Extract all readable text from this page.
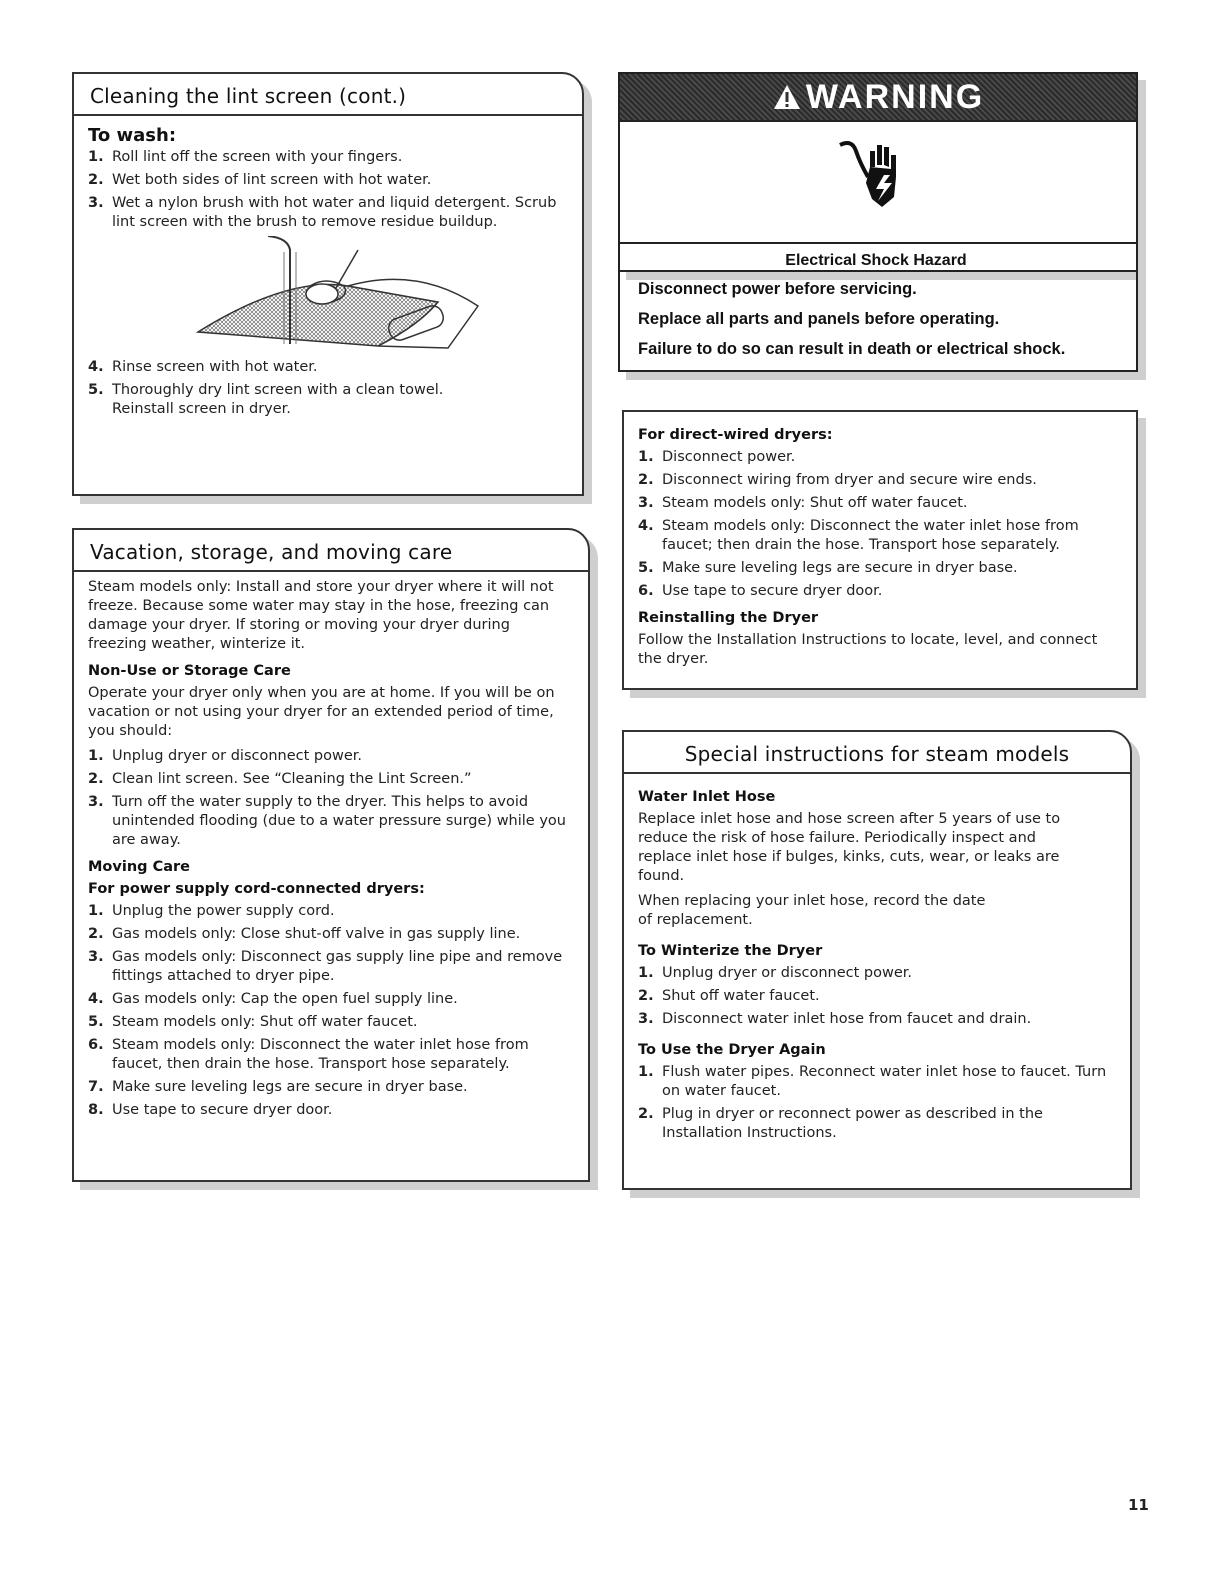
Cleaning the lint screen (cont.)
To wash:
1. Roll lint off the screen with your fingers.
2. Wet both sides of lint screen with hot water.
3. Wet a nylon brush with hot water and liquid detergent. Scrub lint screen with the brush to remove residue buildup.
4. Rinse screen with hot water.
5. Thoroughly dry lint screen with a clean towel. Reinstall screen in dryer.
Vacation, storage, and moving care
Steam models only: Install and store your dryer where it will not freeze. Because some water may stay in the hose, freezing can damage your dryer. If storing or moving your dryer during freezing weather, winterize it.
Non-Use or Storage Care
Operate your dryer only when you are at home. If you will be on vacation or not using your dryer for an extended period of time, you should:
1. Unplug dryer or disconnect power.
2. Clean lint screen. See “Cleaning the Lint Screen.”
3. Turn off the water supply to the dryer. This helps to avoid unintended flooding (due to a water pressure surge) while you are away.
Moving Care
For power supply cord-connected dryers:
1. Unplug the power supply cord.
2. Gas models only: Close shut-off valve in gas supply line.
3. Gas models only: Disconnect gas supply line pipe and remove fittings attached to dryer pipe.
4. Gas models only: Cap the open fuel supply line.
5. Steam models only: Shut off water faucet.
6. Steam models only: Disconnect the water inlet hose from faucet, then drain the hose. Transport hose separately.
7. Make sure leveling legs are secure in dryer base.
8. Use tape to secure dryer door.
WARNING
Electrical Shock Hazard
Disconnect power before servicing.
Replace all parts and panels before operating.
Failure to do so can result in death or electrical shock.
For direct-wired dryers:
1. Disconnect power.
2. Disconnect wiring from dryer and secure wire ends.
3. Steam models only: Shut off water faucet.
4. Steam models only: Disconnect the water inlet hose from faucet; then drain the hose. Transport hose separately.
5. Make sure leveling legs are secure in dryer base.
6. Use tape to secure dryer door.
Reinstalling the Dryer
Follow the Installation Instructions to locate, level, and connect the dryer.
Special instructions for steam models
Water Inlet Hose
Replace inlet hose and hose screen after 5 years of use to reduce the risk of hose failure. Periodically inspect and replace inlet hose if bulges, kinks, cuts, wear, or leaks are found.
When replacing your inlet hose, record the date of replacement.
To Winterize the Dryer
1. Unplug dryer or disconnect power.
2. Shut off water faucet.
3. Disconnect water inlet hose from faucet and drain.
To Use the Dryer Again
1. Flush water pipes. Reconnect water inlet hose to faucet. Turn on water faucet.
2. Plug in dryer or reconnect power as described in the Installation Instructions.
11
